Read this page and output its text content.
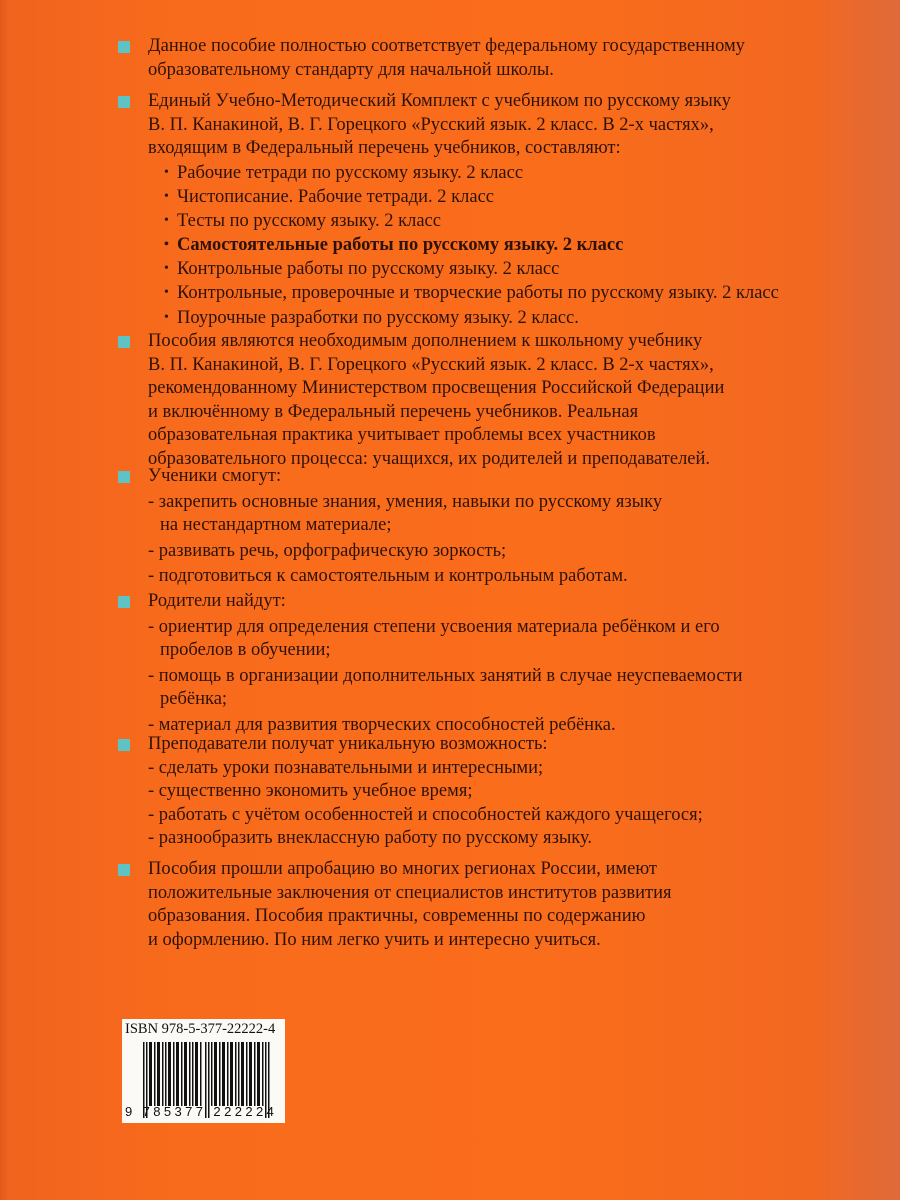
Данное пособие полностью соответствует федеральному государственному
образовательному стандарту для начальной школы.
Единый Учебно-Методический Комплект с учебником по русскому языку
В. П. Канакиной, В. Г. Горецкого «Русский язык. 2 класс. В 2-х частях»,
входящим в Федеральный перечень учебников, составляют:
• Рабочие тетради по русскому языку. 2 класс
• Чистописание. Рабочие тетради. 2 класс
• Тесты по русскому языку. 2 класс
• Самостоятельные работы по русскому языку. 2 класс
• Контрольные работы по русскому языку. 2 класс
• Контрольные, проверочные и творческие работы по русскому языку. 2 класс
• Поурочные разработки по русскому языку. 2 класс.
Пособия являются необходимым дополнением к школьному учебнику
В. П. Канакиной, В. Г. Горецкого «Русский язык. 2 класс. В 2-х частях»,
рекомендованному Министерством просвещения Российской Федерации
и включённому в Федеральный перечень учебников. Реальная
образовательная практика учитывает проблемы всех участников
образовательного процесса: учащихся, их родителей и преподавателей.
Ученики смогут:
- закрепить основные знания, умения, навыки по русскому языку
на нестандартном материале;
- развивать речь, орфографическую зоркость;
- подготовиться к самостоятельным и контрольным работам.
Родители найдут:
- ориентир для определения степени усвоения материала ребёнком и его
пробелов в обучении;
- помощь в организации дополнительных занятий в случае неуспеваемости
ребёнка;
- материал для развития творческих способностей ребёнка.
Преподаватели получат уникальную возможность:
- сделать уроки познавательными и интересными;
- существенно экономить учебное время;
- работать с учётом особенностей и способностей каждого учащегося;
- разнообразить внеклассную работу по русскому языку.
Пособия прошли апробацию во многих регионах России, имеют
положительные заключения от специалистов институтов развития
образования. Пособия практичны, современны по содержанию
и оформлению. По ним легко учить и интересно учиться.
ISBN 978-5-377-22222-4
9 785377 222224
